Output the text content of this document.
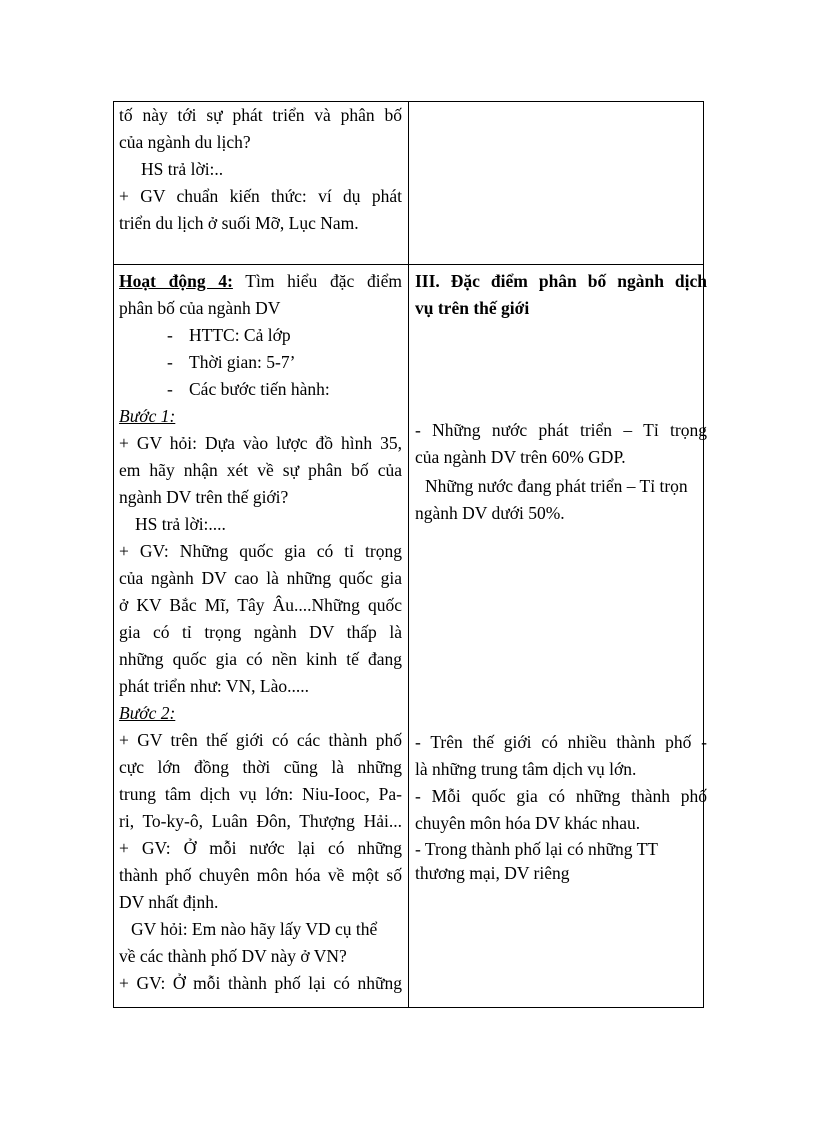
tố này tới sự phát triển và phân bố

của ngành du lịch?

HS trả lời:..

+ GV chuẩn kiến thức: ví dụ phát

triển du lịch ở suối Mỡ, Lục Nam.

Hoạt động 4: Tìm hiểu đặc điểm

phân bố của ngành DV

- HTTC: Cả lớp

- Thời gian: 5-7’

- Các bước tiến hành:

Bước 1:

+ GV hỏi: Dựa vào lược đồ hình 35,

em hãy nhận xét về sự phân bố của

ngành DV trên thế giới?

HS trả lời:....

+ GV: Những quốc gia có tỉ trọng

của ngành DV cao là những quốc gia

ở KV Bắc Mĩ, Tây Âu....Những quốc

gia có tỉ trọng ngành DV thấp là

những quốc gia có nền kinh tế đang

phát triển như: VN, Lào.....

Bước 2:

+ GV trên thế giới có các thành phố

cực lớn đồng thời cũng là những

trung tâm dịch vụ lớn: Niu-Iooc, Pa-

ri, To-ky-ô, Luân Đôn, Thượng Hải...

+ GV: Ở mỗi nước lại có những

thành phố chuyên môn hóa về một số

DV nhất định.

GV hỏi: Em nào hãy lấy VD cụ thể

về các thành phố DV này ở VN?

+ GV: Ở mỗi thành phố lại có những

III. Đặc điểm phân bố ngành dịch

vụ trên thế giới

- Những nước phát triển – Tỉ trọng

của ngành DV trên 60% GDP.

Những nước đang phát triển – Tỉ trọn

ngành DV dưới 50%.

- Trên thế giới có nhiều thành phố -

là những trung tâm dịch vụ lớn.

- Mỗi quốc gia có những thành phố

chuyên môn hóa DV khác nhau.

- Trong thành phố lại có những TT

thương mại, DV riêng
